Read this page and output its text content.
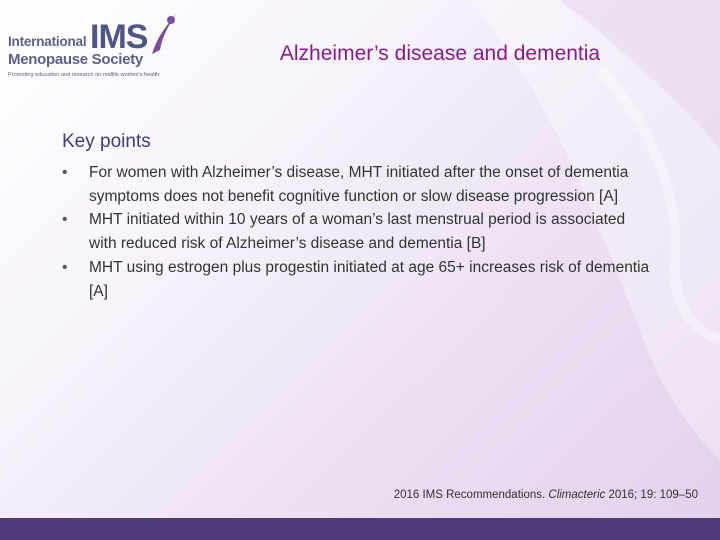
International IMS
Menopause Society
Promoting education and research on midlife women's health
Alzheimer’s disease and dementia
Key points
• For women with Alzheimer’s disease, MHT initiated after the onset of dementia symptoms does not benefit cognitive function or slow disease progression [A]
• MHT initiated within 10 years of a woman’s last menstrual period is associated with reduced risk of Alzheimer’s disease and dementia [B]
• MHT using estrogen plus progestin initiated at age 65+ increases risk of dementia [A]
2016 IMS Recommendations. Climacteric 2016; 19: 109–50
